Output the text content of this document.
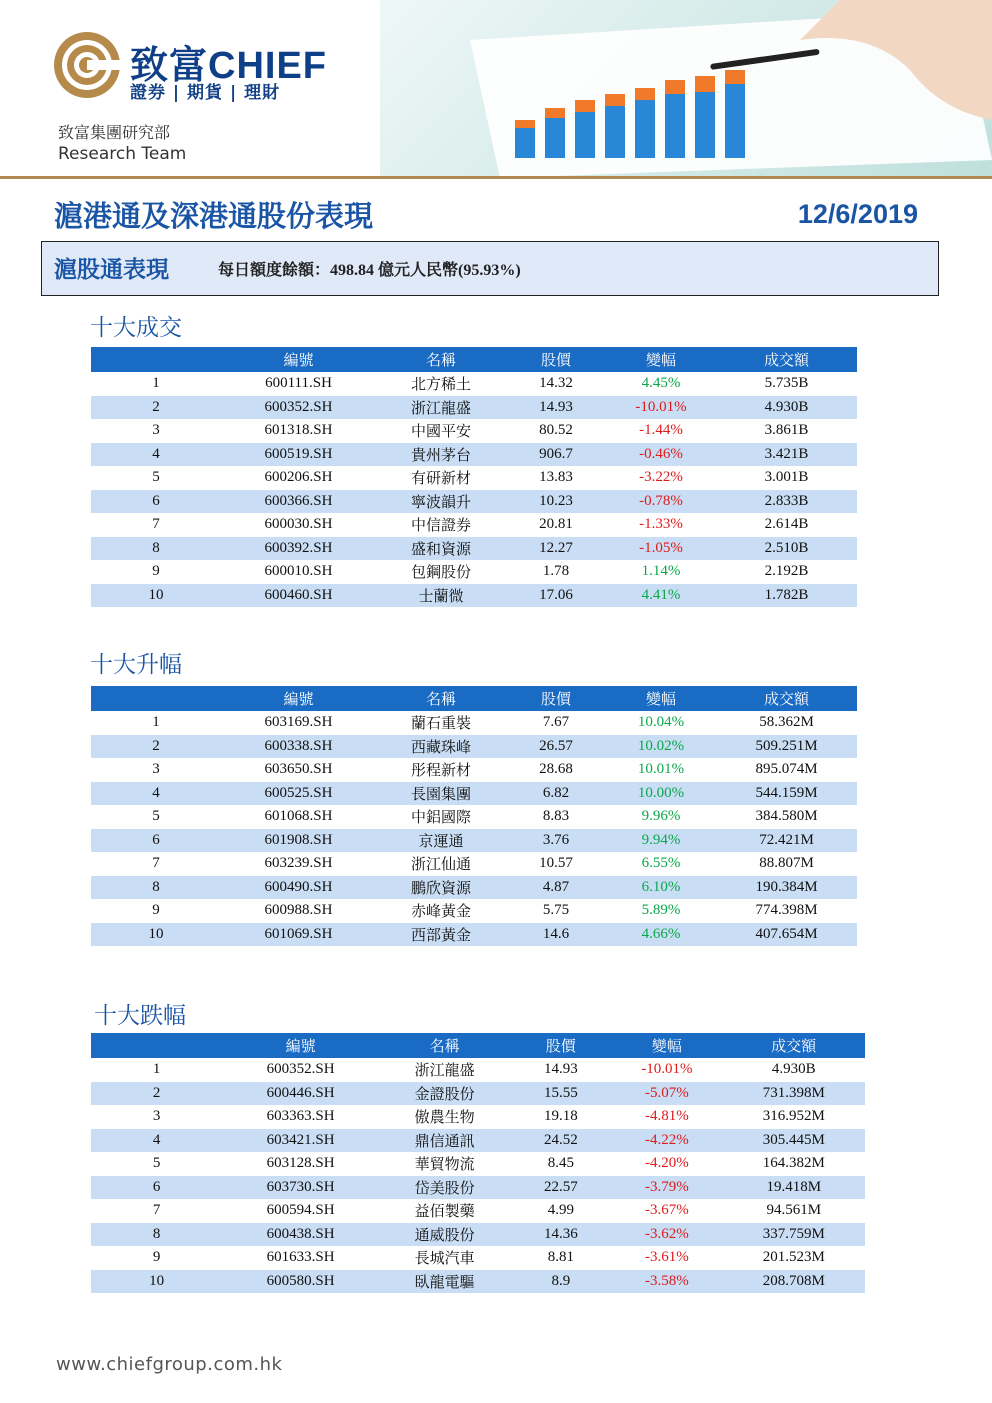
致富CHIEF
證券 | 期貨 | 理財
致富集團研究部
Research Team
滬港通及深港通股份表現	12/6/2019
滬股通表現	每日額度餘額：498.84 億元人民幣(95.93%)
十大成交
	編號	名稱	股價	變幅	成交額
1	600111.SH	北方稀土	14.32	4.45%	5.735B
2	600352.SH	浙江龍盛	14.93	-10.01%	4.930B
3	601318.SH	中國平安	80.52	-1.44%	3.861B
4	600519.SH	貴州茅台	906.7	-0.46%	3.421B
5	600206.SH	有研新材	13.83	-3.22%	3.001B
6	600366.SH	寧波韻升	10.23	-0.78%	2.833B
7	600030.SH	中信證券	20.81	-1.33%	2.614B
8	600392.SH	盛和資源	12.27	-1.05%	2.510B
9	600010.SH	包鋼股份	1.78	1.14%	2.192B
10	600460.SH	士蘭微	17.06	4.41%	1.782B
十大升幅
	編號	名稱	股價	變幅	成交額
1	603169.SH	蘭石重裝	7.67	10.04%	58.362M
2	600338.SH	西藏珠峰	26.57	10.02%	509.251M
3	603650.SH	彤程新材	28.68	10.01%	895.074M
4	600525.SH	長園集團	6.82	10.00%	544.159M
5	601068.SH	中鋁國際	8.83	9.96%	384.580M
6	601908.SH	京運通	3.76	9.94%	72.421M
7	603239.SH	浙江仙通	10.57	6.55%	88.807M
8	600490.SH	鵬欣資源	4.87	6.10%	190.384M
9	600988.SH	赤峰黃金	5.75	5.89%	774.398M
10	601069.SH	西部黃金	14.6	4.66%	407.654M
十大跌幅
	編號	名稱	股價	變幅	成交額
1	600352.SH	浙江龍盛	14.93	-10.01%	4.930B
2	600446.SH	金證股份	15.55	-5.07%	731.398M
3	603363.SH	傲農生物	19.18	-4.81%	316.952M
4	603421.SH	鼎信通訊	24.52	-4.22%	305.445M
5	603128.SH	華貿物流	8.45	-4.20%	164.382M
6	603730.SH	岱美股份	22.57	-3.79%	19.418M
7	600594.SH	益佰製藥	4.99	-3.67%	94.561M
8	600438.SH	通威股份	14.36	-3.62%	337.759M
9	601633.SH	長城汽車	8.81	-3.61%	201.523M
10	600580.SH	臥龍電驅	8.9	-3.58%	208.708M
www.chiefgroup.com.hk
